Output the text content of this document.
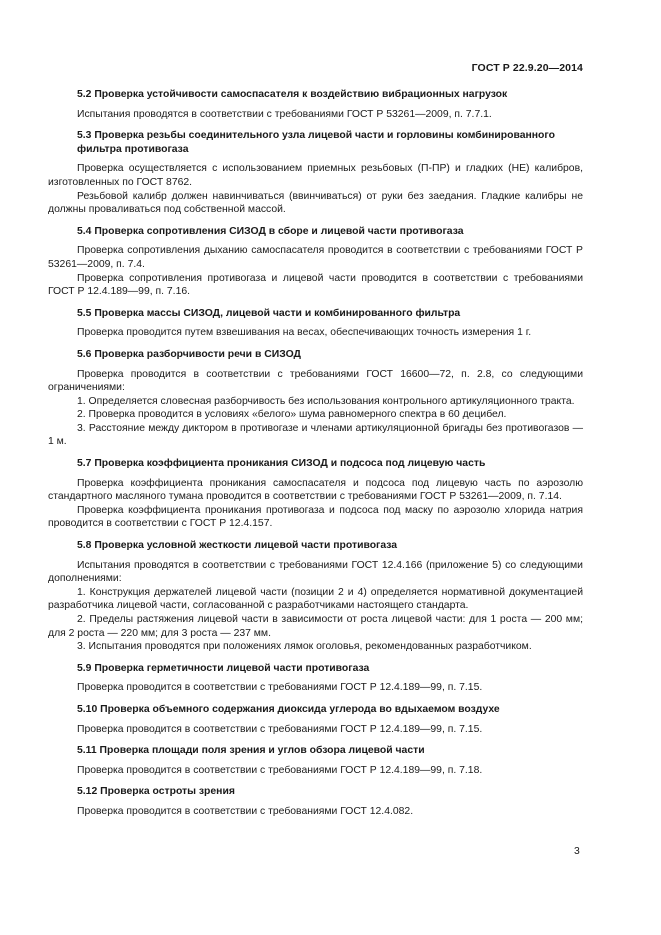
ГОСТ Р 22.9.20—2014
5.2 Проверка устойчивости самоспасателя к воздействию вибрационных нагрузок

Испытания проводятся в соответствии с требованиями ГОСТ Р 53261—2009, п. 7.7.1.

5.3 Проверка резьбы соединительного узла лицевой части и горловины комбинированного фильтра противогаза

Проверка осуществляется с использованием приемных резьбовых (П-ПР) и гладких (НЕ) калибров, изготовленных по ГОСТ 8762.

Резьбовой калибр должен навинчиваться (ввинчиваться) от руки без заедания. Гладкие калибры не должны проваливаться под собственной массой.

5.4 Проверка сопротивления СИЗОД в сборе и лицевой части противогаза

Проверка сопротивления дыханию самоспасателя проводится в соответствии с требованиями ГОСТ Р 53261—2009, п. 7.4.

Проверка сопротивления противогаза и лицевой части проводится в соответствии с требованиями ГОСТ Р 12.4.189—99, п. 7.16.

5.5 Проверка массы СИЗОД, лицевой части и комбинированного фильтра

Проверка проводится путем взвешивания на весах, обеспечивающих точность измерения 1 г.

5.6 Проверка разборчивости речи в СИЗОД

Проверка проводится в соответствии с требованиями ГОСТ 16600—72, п. 2.8, со следующими ограничениями:

1. Определяется словесная разборчивость без использования контрольного артикуляционного тракта.

2. Проверка проводится в условиях «белого» шума равномерного спектра в 60 децибел.

3. Расстояние между диктором в противогазе и членами артикуляционной бригады без противогазов — 1 м.

5.7 Проверка коэффициента проникания СИЗОД и подсоса под лицевую часть

Проверка коэффициента проникания самоспасателя и подсоса под лицевую часть по аэрозолю стандартного масляного тумана проводится в соответствии с требованиями ГОСТ Р 53261—2009, п. 7.14.

Проверка коэффициента проникания противогаза и подсоса под маску по аэрозолю хлорида натрия проводится в соответствии с ГОСТ Р 12.4.157.

5.8 Проверка условной жесткости лицевой части противогаза

Испытания проводятся в соответствии с требованиями ГОСТ 12.4.166 (приложение 5) со следующими дополнениями:

1. Конструкция держателей лицевой части (позиции 2 и 4) определяется нормативной документацией разработчика лицевой части, согласованной с разработчиками настоящего стандарта.

2. Пределы растяжения лицевой части в зависимости от роста лицевой части: для 1 роста — 200 мм; для 2 роста — 220 мм; для 3 роста — 237 мм.

3. Испытания проводятся при положениях лямок оголовья, рекомендованных разработчиком.

5.9 Проверка герметичности лицевой части противогаза

Проверка проводится в соответствии с требованиями ГОСТ Р 12.4.189—99, п. 7.15.

5.10 Проверка объемного содержания диоксида углерода во вдыхаемом воздухе

Проверка проводится в соответствии с требованиями ГОСТ Р 12.4.189—99, п. 7.15.

5.11 Проверка площади поля зрения и углов обзора лицевой части

Проверка проводится в соответствии с требованиями ГОСТ Р 12.4.189—99, п. 7.18.

5.12 Проверка остроты зрения

Проверка проводится в соответствии с требованиями ГОСТ 12.4.082.

3
